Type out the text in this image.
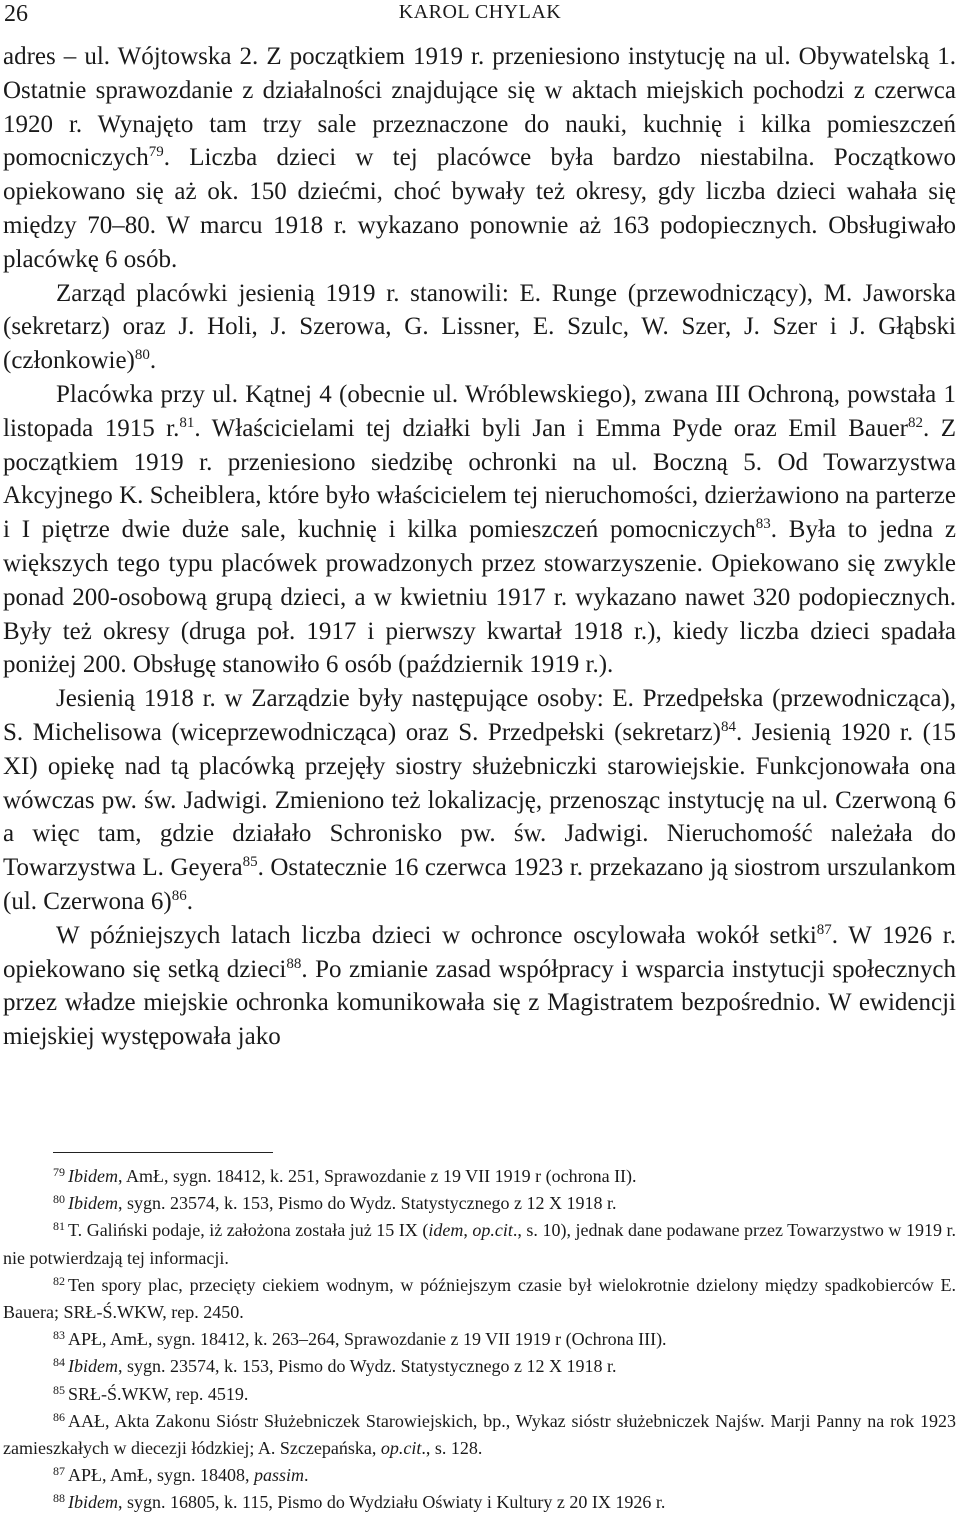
26	KAROL CHYLAK

adres – ul. Wójtowska 2. Z początkiem 1919 r. przeniesiono instytucję na ul. Obywatelską 1. Ostatnie sprawozdanie z działalności znajdujące się w aktach miejskich pochodzi z czerwca 1920 r. Wynajęto tam trzy sale przeznaczone do nauki, kuchnię i kilka pomieszczeń pomocniczych$^{79}$. Liczba dzieci w tej placówce była bardzo niestabilna. Początkowo opiekowano się aż ok. 150 dziećmi, choć bywały też okresy, gdy liczba dzieci wahała się między 70–80. W marcu 1918 r. wykazano ponownie aż 163 podopiecznych. Obsługiwało placówkę 6 osób.

Zarząd placówki jesienią 1919 r. stanowili: E. Runge (przewodniczący), M. Jaworska (sekretarz) oraz J. Holi, J. Szerowa, G. Lissner, E. Szulc, W. Szer, J. Szer i J. Głąbski (członkowie)$^{80}$.

Placówka przy ul. Kątnej 4 (obecnie ul. Wróblewskiego), zwana III Ochroną, powstała 1 listopada 1915 r.$^{81}$. Właścicielami tej działki byli Jan i Emma Pyde oraz Emil Bauer$^{82}$. Z początkiem 1919 r. przeniesiono siedzibę ochronki na ul. Boczną 5. Od Towarzystwa Akcyjnego K. Scheiblera, które było właścicielem tej nieruchomości, dzierżawiono na parterze i I piętrze dwie duże sale, kuchnię i kilka pomieszczeń pomocniczych$^{83}$. Była to jedna z większych tego typu placówek prowadzonych przez stowarzyszenie. Opiekowano się zwykle ponad 200-osobową grupą dzieci, a w kwietniu 1917 r. wykazano nawet 320 podopiecznych. Były też okresy (druga poł. 1917 i pierwszy kwartał 1918 r.), kiedy liczba dzieci spadała poniżej 200. Obsługę stanowiło 6 osób (październik 1919 r.).

Jesienią 1918 r. w Zarządzie były następujące osoby: E. Przedpełska (przewodnicząca), S. Michelisowa (wiceprzewodnicząca) oraz S. Przedpełski (sekretarz)$^{84}$. Jesienią 1920 r. (15 XI) opiekę nad tą placówką przejęły siostry służebniczki starowiejskie. Funkcjonowała ona wówczas pw. św. Jadwigi. Zmieniono też lokalizację, przenosząc instytucję na ul. Czerwoną 6 a więc tam, gdzie działało Schronisko pw. św. Jadwigi. Nieruchomość należała do Towarzystwa L. Geyera$^{85}$. Ostatecznie 16 czerwca 1923 r. przekazano ją siostrom urszulankom (ul. Czerwona 6)$^{86}$.

W późniejszych latach liczba dzieci w ochronce oscylowała wokół setki$^{87}$. W 1926 r. opiekowano się setką dzieci$^{88}$. Po zmianie zasad współpracy i wsparcia instytucji społecznych przez władze miejskie ochronka komunikowała się z Magistratem bezpośrednio. W ewidencji miejskiej występowała jako

$^{79}$ Ibidem, AmŁ, sygn. 18412, k. 251, Sprawozdanie z 19 VII 1919 r (ochrona II).

$^{80}$ Ibidem, sygn. 23574, k. 153, Pismo do Wydz. Statystycznego z 12 X 1918 r.

$^{81}$ T. Galiński podaje, iż założona została już 15 IX (idem, op.cit., s. 10), jednak dane podawane przez Towarzystwo w 1919 r. nie potwierdzają tej informacji.

$^{82}$ Ten spory plac, przecięty ciekiem wodnym, w późniejszym czasie był wielokrotnie dzielony między spadkobierców E. Bauera; SRŁ-Ś.WKW, rep. 2450.

$^{83}$ APŁ, AmŁ, sygn. 18412, k. 263–264, Sprawozdanie z 19 VII 1919 r (Ochrona III).

$^{84}$ Ibidem, sygn. 23574, k. 153, Pismo do Wydz. Statystycznego z 12 X 1918 r.

$^{85}$ SRŁ-Ś.WKW, rep. 4519.

$^{86}$ AAŁ, Akta Zakonu Sióstr Służebniczek Starowiejskich, bp., Wykaz sióstr służebniczek Najśw. Marji Panny na rok 1923 zamieszkałych w diecezji łódzkiej; A. Szczepańska, op.cit., s. 128.

$^{87}$ APŁ, AmŁ, sygn. 18408, passim.

$^{88}$ Ibidem, sygn. 16805, k. 115, Pismo do Wydziału Oświaty i Kultury z 20 IX 1926 r.
